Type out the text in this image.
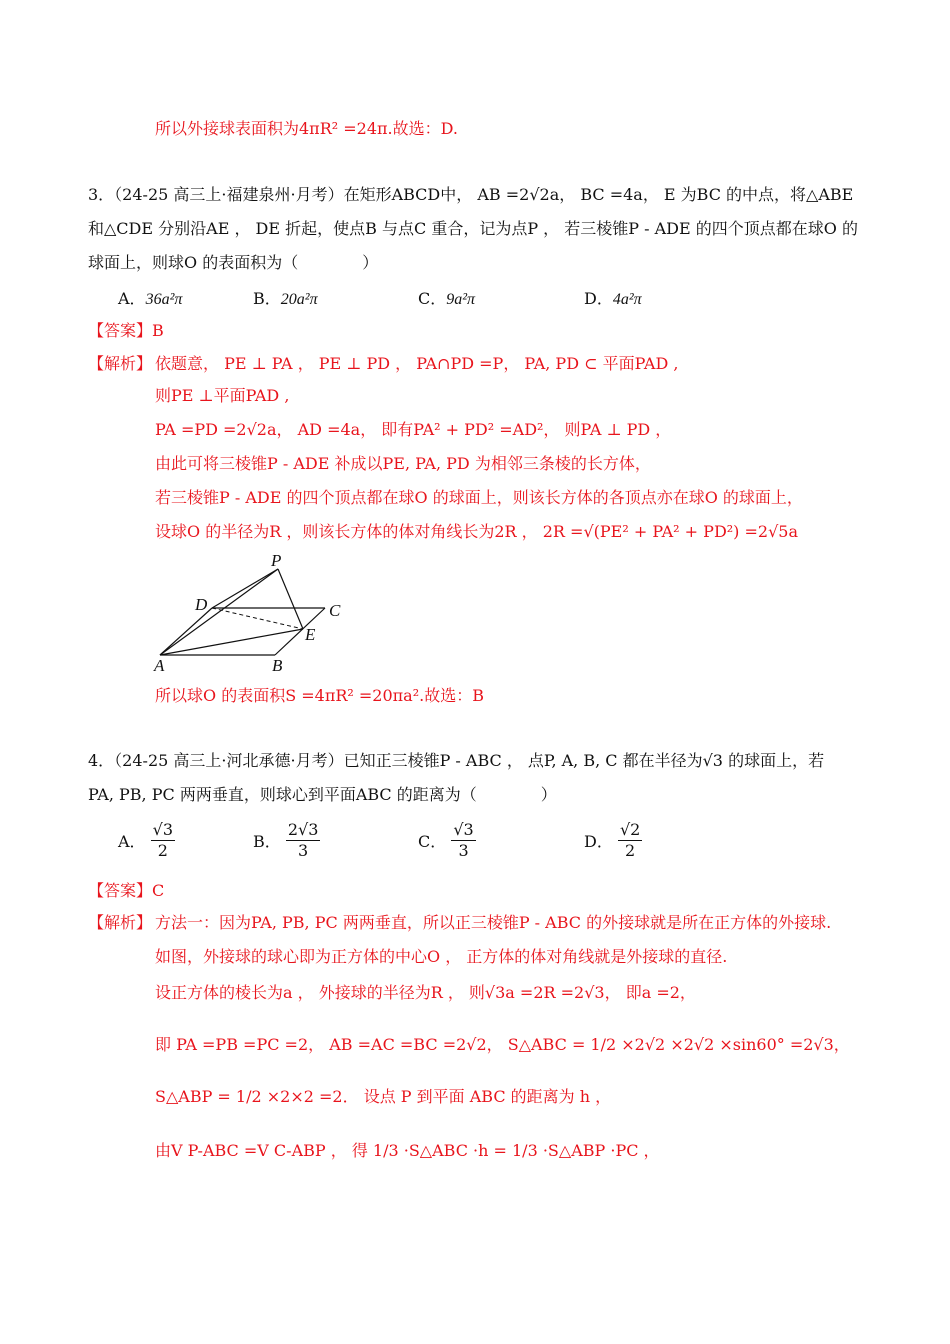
所以外接球表面积为4πR² =24π.故选：D.
3．（24-25 高三上·福建泉州·月考）在矩形ABCD中， AB =2√2a， BC =4a， E 为BC 的中点，将△ABE
和△CDE 分别沿AE ， DE 折起，使点B 与点C 重合，记为点P ， 若三棱锥P - ADE 的四个顶点都在球O 的
球面上，则球O 的表面积为（　　　　）
A．36a²π	B．20a²π	C．9a²π	D．4a²π
【答案】B
【解析】 依题意， PE ⊥ PA ， PE ⊥ PD ， PA∩PD =P， PA, PD ⊂ 平面PAD ,
则PE ⊥平面PAD ,
PA =PD =2√2a， AD =4a， 即有PA² + PD² =AD²， 则PA ⊥ PD ，
由此可将三棱锥P - ADE 补成以PE, PA, PD 为相邻三条棱的长方体，
若三棱锥P - ADE 的四个顶点都在球O 的球面上，则该长方体的各顶点亦在球O 的球面上，
设球O 的半径为R ，则该长方体的体对角线长为2R ， 2R =√(PE² + PA² + PD²) =2√5a
P
D	C
E
A	B
所以球O 的表面积S =4πR² =20πa².故选：B
4．（24-25 高三上·河北承德·月考）已知正三棱锥P - ABC ， 点P, A, B, C 都在半径为√3 的球面上，若
PA, PB, PC 两两垂直，则球心到平面ABC 的距离为（　　　　）
A． $\frac{√3}{2}$	B． $\frac{2√3}{3}$	C． $\frac{√3}{3}$	D． $\frac{√2}{2}$
【答案】C
【解析】 方法一：因为PA, PB, PC 两两垂直，所以正三棱锥P - ABC 的外接球就是所在正方体的外接球.
如图，外接球的球心即为正方体的中心O ， 正方体的体对角线就是外接球的直径.
设正方体的棱长为a ， 外接球的半径为R ， 则√3a =2R =2√3， 即a =2，
即 PA =PB =PC =2， AB =AC =BC =2√2， S△ABC = 1/2 ×2√2 ×2√2 ×sin60° =2√3，
S△ABP = 1/2 ×2×2 =2． 设点 P 到平面 ABC 的距离为 h ，
由V P-ABC =V C-ABP ， 得 1/3 ·S△ABC ·h = 1/3 ·S△ABP ·PC ，
